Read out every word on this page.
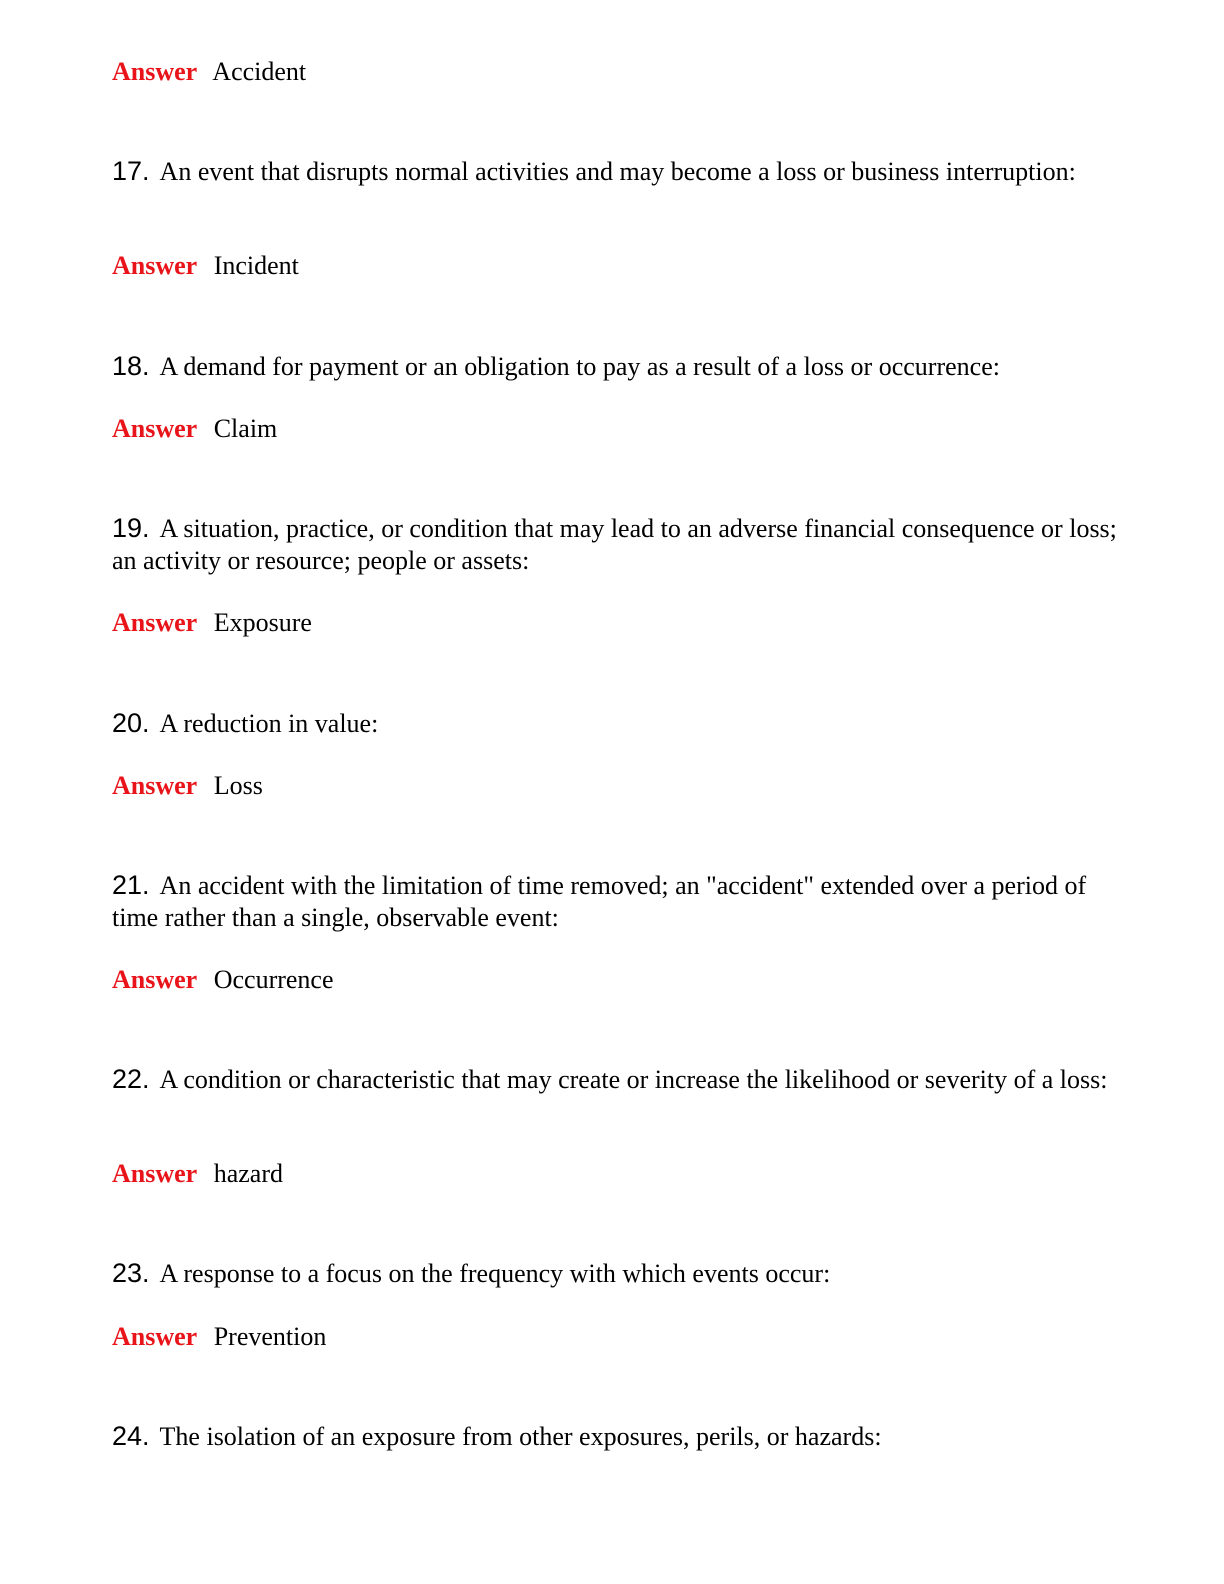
Answer Accident
17. An event that disrupts normal activities and may become a loss or business interruption:
Answer Incident
18. A demand for payment or an obligation to pay as a result of a loss or occurrence:
Answer Claim
19. A situation, practice, or condition that may lead to an adverse financial consequence or loss; an activity or resource; people or assets:
Answer Exposure
20. A reduction in value:
Answer Loss
21. An accident with the limitation of time removed; an "accident" extended over a period of time rather than a single, observable event:
Answer Occurrence
22. A condition or characteristic that may create or increase the likelihood or severity of a loss:
Answer hazard
23. A response to a focus on the frequency with which events occur:
Answer Prevention
24. The isolation of an exposure from other exposures, perils, or hazards:
